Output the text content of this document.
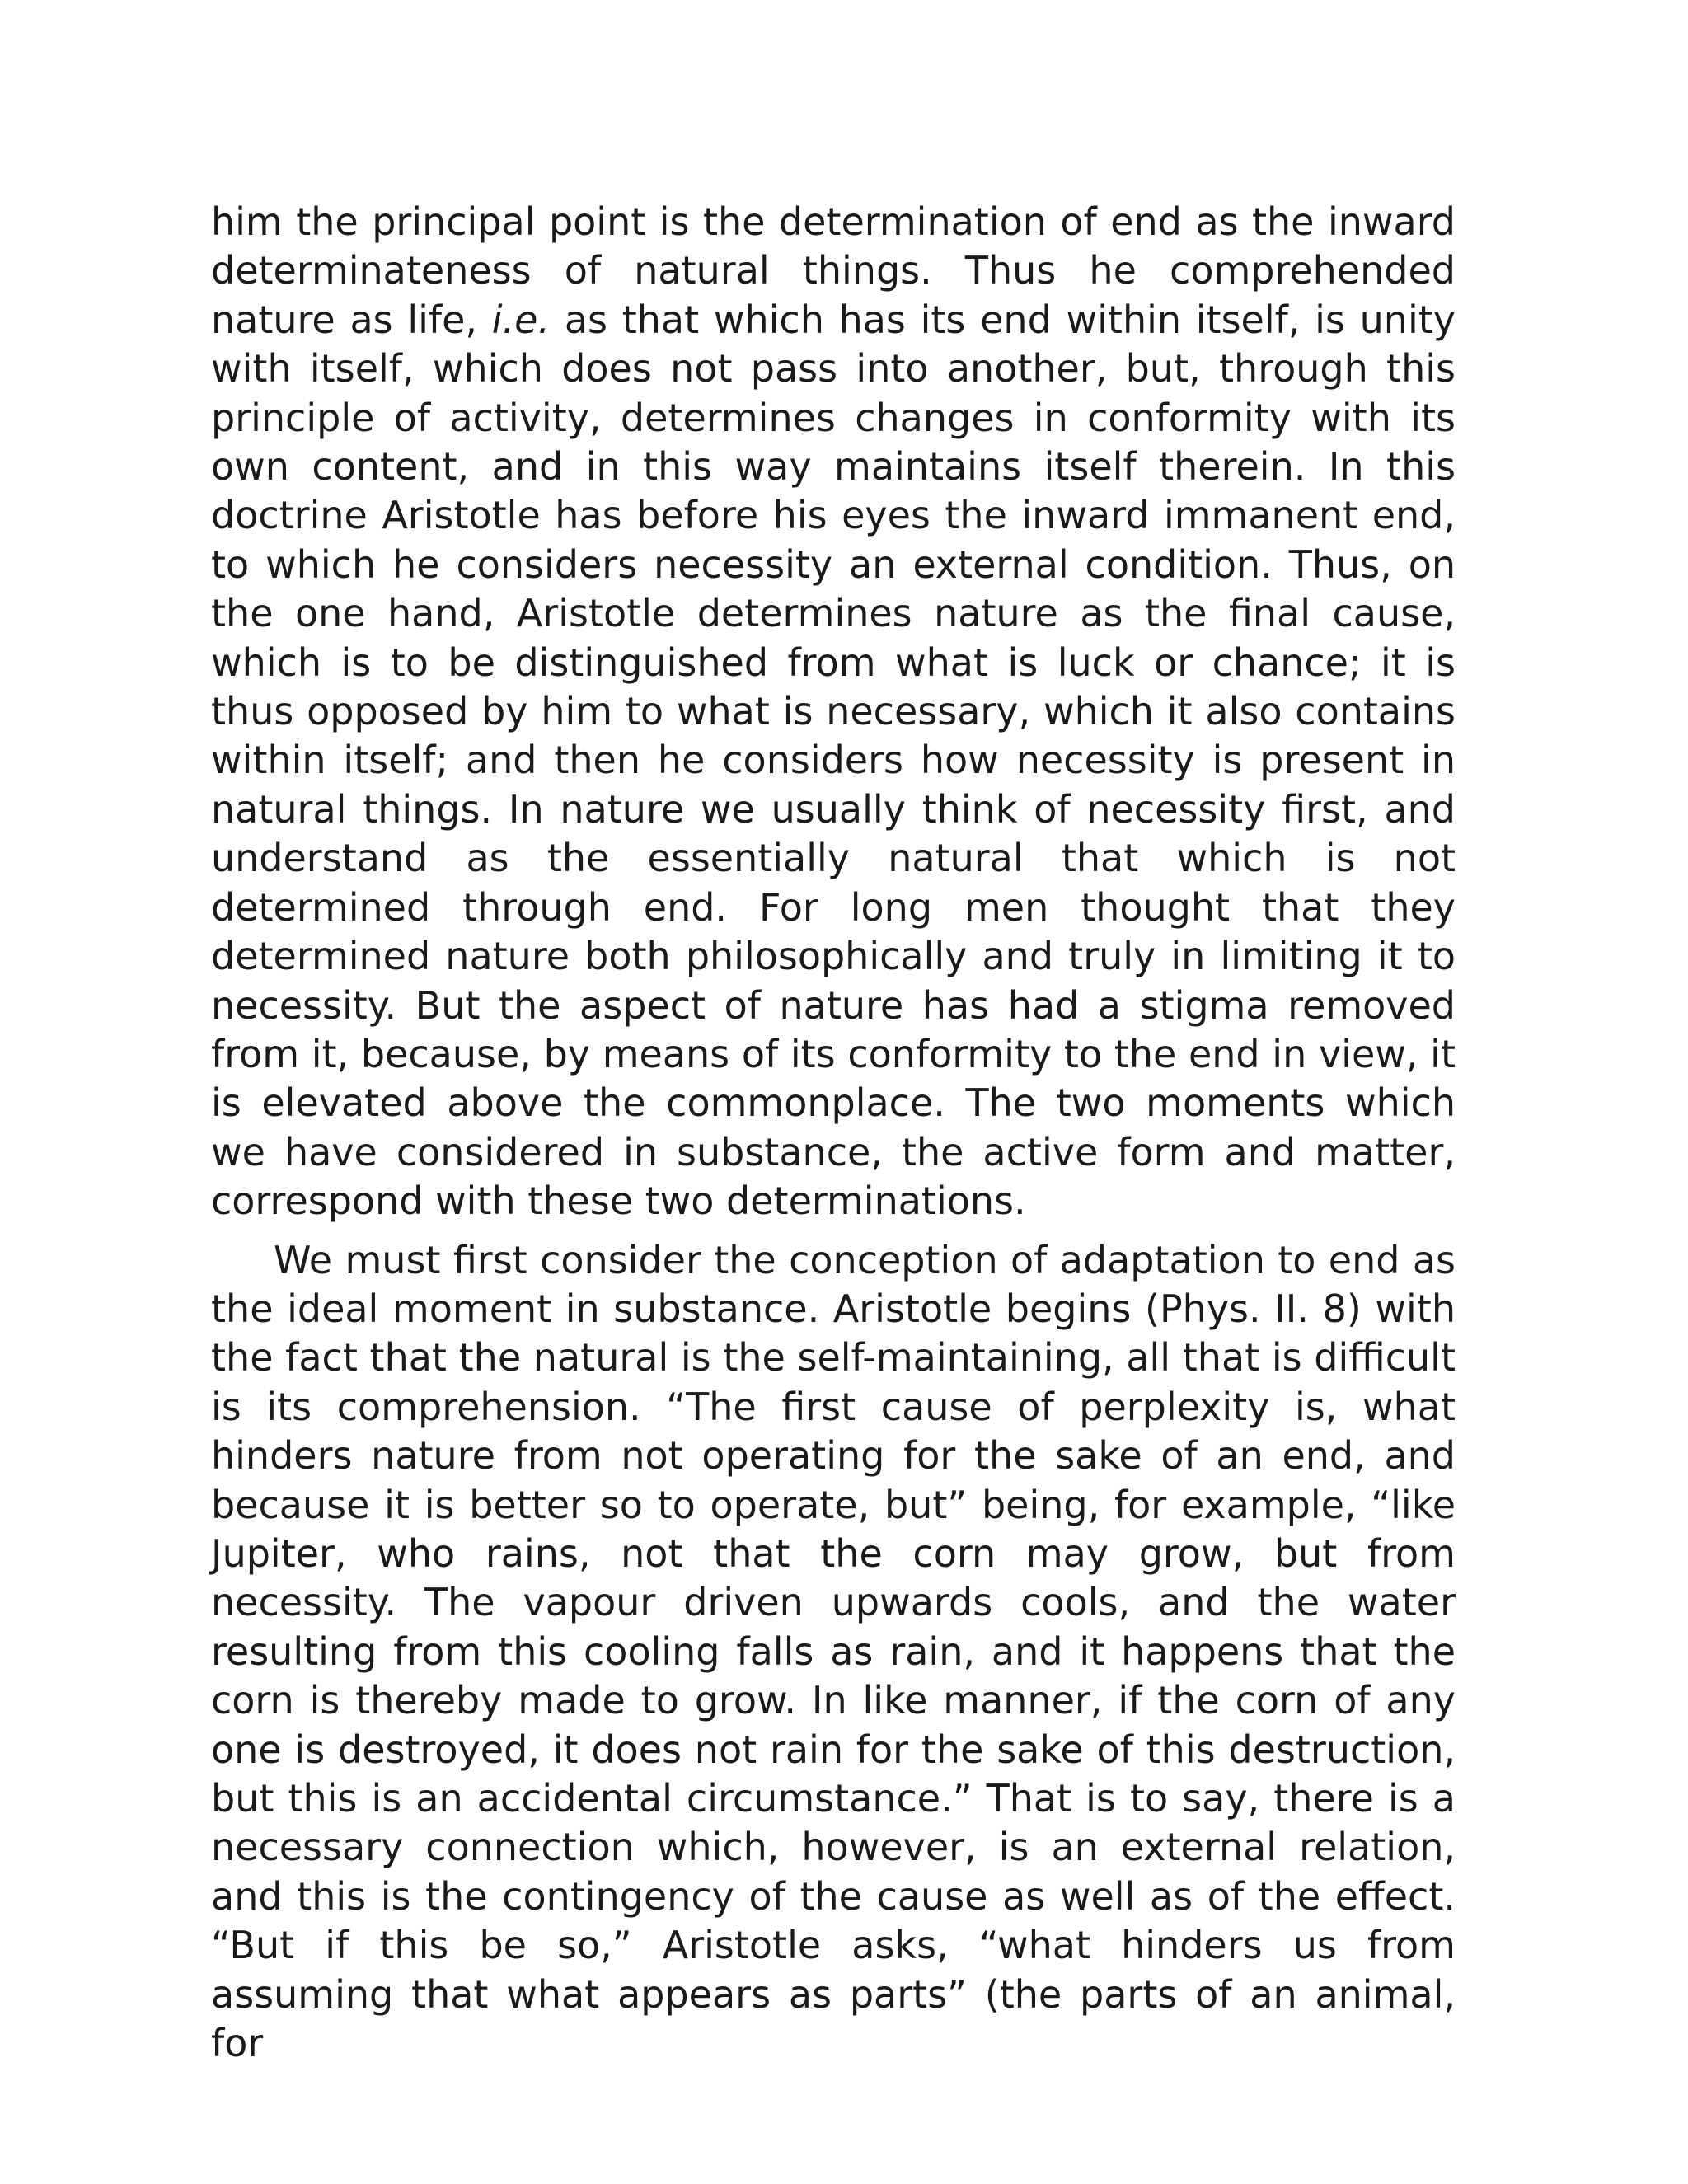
him the principal point is the determination of end as the inward determinateness of natural things. Thus he comprehended nature as life, i.e. as that which has its end within itself, is unity with itself, which does not pass into another, but, through this principle of activity, determines changes in conformity with its own content, and in this way maintains itself therein. In this doctrine Aristotle has before his eyes the inward immanent end, to which he considers necessity an external condition. Thus, on the one hand, Aristotle determines nature as the final cause, which is to be distinguished from what is luck or chance; it is thus opposed by him to what is necessary, which it also contains within itself; and then he considers how necessity is present in natural things. In nature we usually think of necessity first, and understand as the essentially natural that which is not determined through end. For long men thought that they determined nature both philosophically and truly in limiting it to necessity. But the aspect of nature has had a stigma removed from it, because, by means of its conformity to the end in view, it is elevated above the commonplace. The two moments which we have considered in substance, the active form and matter, correspond with these two determinations.

We must first consider the conception of adaptation to end as the ideal moment in substance. Aristotle begins (Phys. II. 8) with the fact that the natural is the self-maintaining, all that is difficult is its comprehension. “The first cause of perplexity is, what hinders nature from not operating for the sake of an end, and because it is better so to operate, but” being, for example, “like Jupiter, who rains, not that the corn may grow, but from necessity. The vapour driven upwards cools, and the water resulting from this cooling falls as rain, and it happens that the corn is thereby made to grow. In like manner, if the corn of any one is destroyed, it does not rain for the sake of this destruction, but this is an accidental circumstance.” That is to say, there is a necessary connection which, however, is an external relation, and this is the contingency of the cause as well as of the effect. “But if this be so,” Aristotle asks, “what hinders us from assuming that what appears as parts” (the parts of an animal, for
